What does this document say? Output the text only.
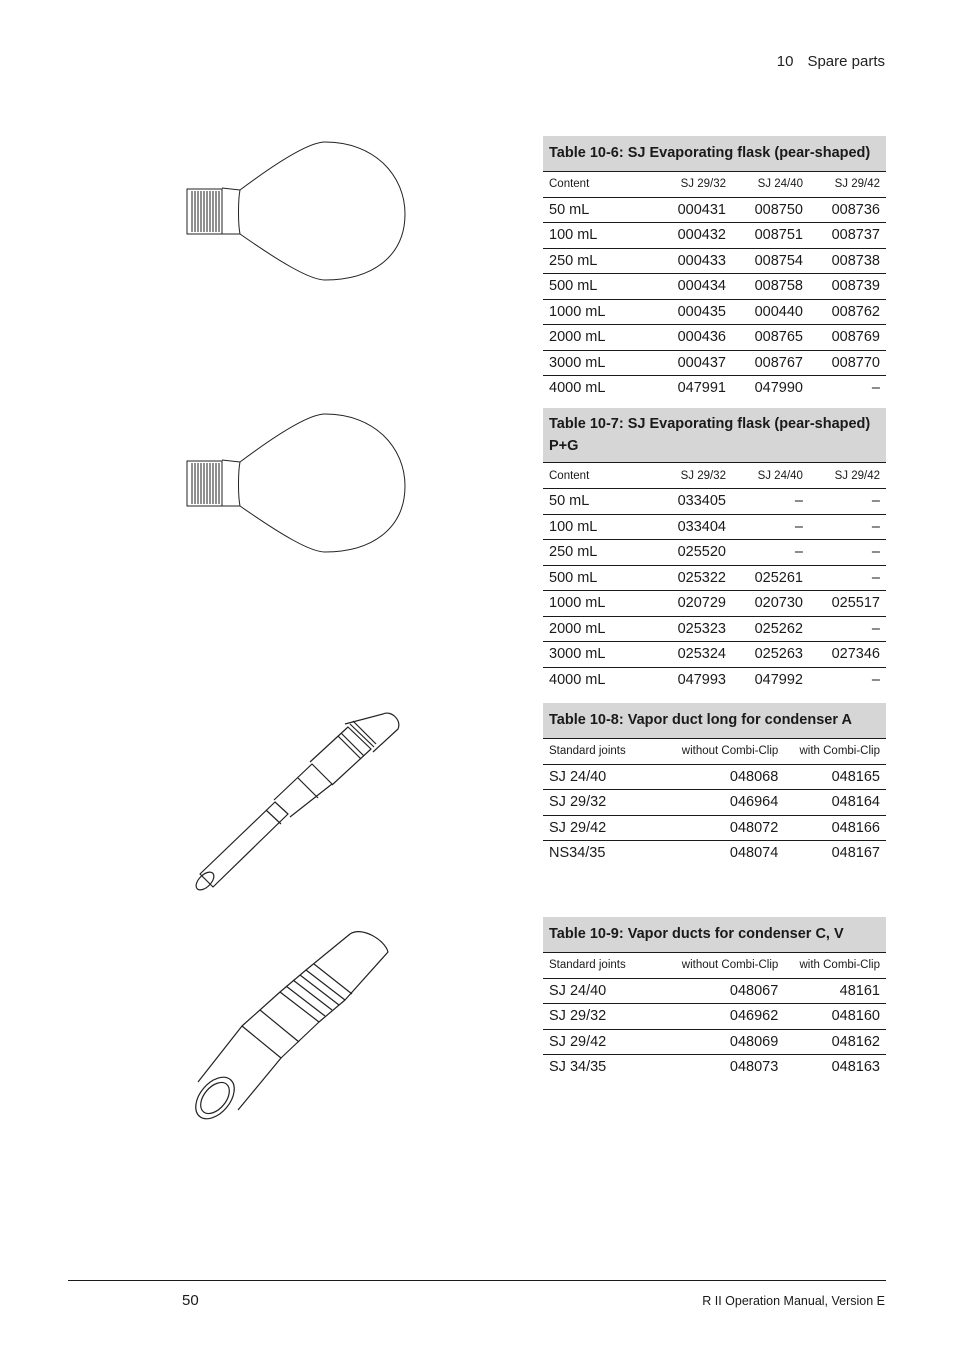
10 Spare parts
Table 10-6: SJ Evaporating flask (pear-shaped)			
Content	SJ 29/32	SJ 24/40	SJ 29/42
50 mL	000431	008750	008736
100 mL	000432	008751	008737
250 mL	000433	008754	008738
500 mL	000434	008758	008739
1000 mL	000435	000440	008762
2000 mL	000436	008765	008769
3000 mL	000437	008767	008770
4000 mL	047991	047990	–
Table 10-7: SJ Evaporating flask (pear-shaped) P+G			
Content	SJ 29/32	SJ 24/40	SJ 29/42
50 mL	033405	–	–
100 mL	033404	–	–
250 mL	025520	–	–
500 mL	025322	025261	–
1000 mL	020729	020730	025517
2000 mL	025323	025262	–
3000 mL	025324	025263	027346
4000 mL	047993	047992	–
Table 10-8: Vapor duct long for condenser A		
Standard joints	without Combi-Clip	with Combi-Clip
SJ 24/40	048068	048165
SJ 29/32	046964	048164
SJ 29/42	048072	048166
NS34/35	048074	048167
Table 10-9: Vapor ducts for condenser C, V		
Standard joints	without Combi-Clip	with Combi-Clip
SJ 24/40	048067	48161
SJ 29/32	046962	048160
SJ 29/42	048069	048162
SJ 34/35	048073	048163
50	R II Operation Manual, Version E
